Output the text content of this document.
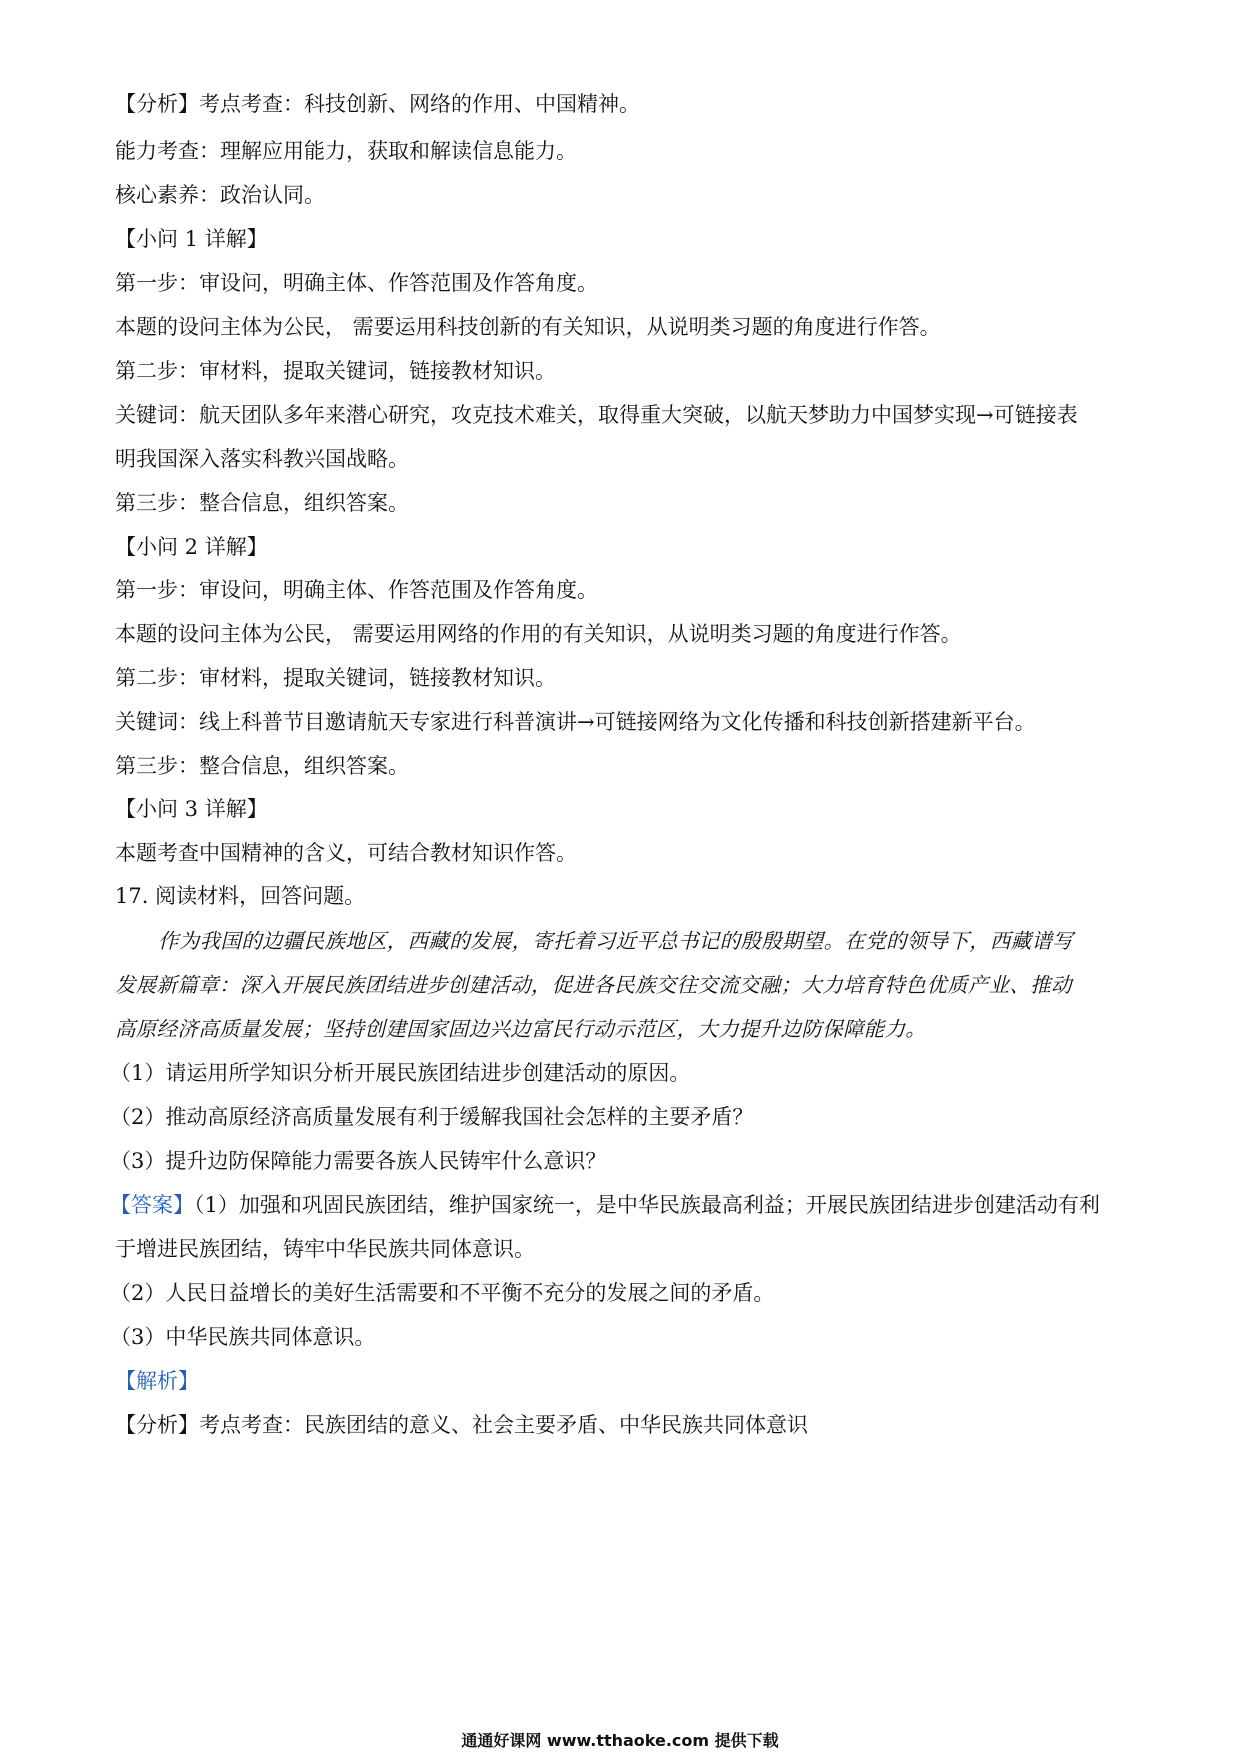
【分析】考点考查：科技创新、网络的作用、中国精神。
能力考查：理解应用能力，获取和解读信息能力。
核心素养：政治认同。
【小问 1 详解】
第一步：审设问，明确主体、作答范围及作答角度。
本题的设问主体为公民， 需要运用科技创新的有关知识，从说明类习题的角度进行作答。
第二步：审材料，提取关键词，链接教材知识。
关键词：航天团队多年来潜心研究，攻克技术难关，取得重大突破，以航天梦助力中国梦实现→可链接表
明我国深入落实科教兴国战略。
第三步：整合信息，组织答案。
【小问 2 详解】
第一步：审设问，明确主体、作答范围及作答角度。
本题的设问主体为公民， 需要运用网络的作用的有关知识，从说明类习题的角度进行作答。
第二步：审材料，提取关键词，链接教材知识。
关键词：线上科普节目邀请航天专家进行科普演讲→可链接网络为文化传播和科技创新搭建新平台。
第三步：整合信息，组织答案。
【小问 3 详解】
本题考查中国精神的含义，可结合教材知识作答。
17. 阅读材料，回答问题。
作为我国的边疆民族地区，西藏的发展，寄托着习近平总书记的殷殷期望。在党的领导下，西藏谱写
发展新篇章：深入开展民族团结进步创建活动，促进各民族交往交流交融；大力培育特色优质产业、推动
高原经济高质量发展；坚持创建国家固边兴边富民行动示范区，大力提升边防保障能力。
（1）请运用所学知识分析开展民族团结进步创建活动的原因。
（2）推动高原经济高质量发展有利于缓解我国社会怎样的主要矛盾？
（3）提升边防保障能力需要各族人民铸牢什么意识？
【答案】（1）加强和巩固民族团结，维护国家统一，是中华民族最高利益；开展民族团结进步创建活动有利
于增进民族团结，铸牢中华民族共同体意识。
（2）人民日益增长的美好生活需要和不平衡不充分的发展之间的矛盾。
（3）中华民族共同体意识。
【解析】
【分析】考点考查：民族团结的意义、社会主要矛盾、中华民族共同体意识
通通好课网 www.tthaoke.com 提供下载
